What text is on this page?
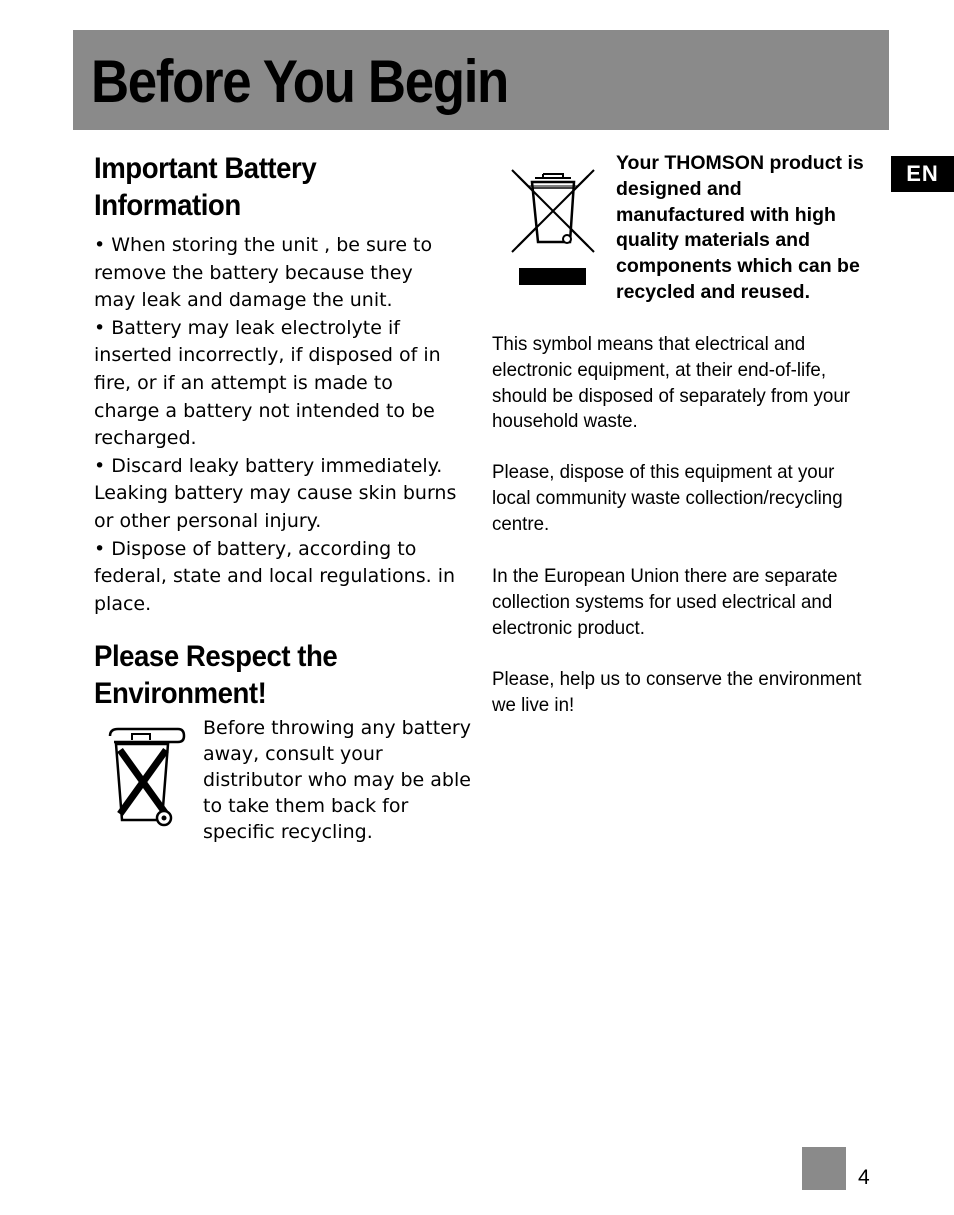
Before You Begin
EN
Important Battery
Information

• When storing the unit , be sure to remove the battery because they may leak and damage the unit.

• Battery may leak electrolyte if inserted incorrectly, if disposed of in fire, or if an attempt is made to charge a battery not intended to be recharged.

• Discard leaky battery immediately. Leaking battery may cause skin burns or other personal injury.

• Dispose of battery, according to federal, state and local regulations. in place.

Please Respect the
Environment!

Before throwing any battery away, consult your distributor who may be able to take them back for specific recycling.

Your THOMSON product is designed and manufactured with high quality materials and components which can be recycled and reused.

This symbol means that electrical and electronic equipment, at their end-of-life, should be disposed of separately from your household waste.

Please, dispose of this equipment at your local community waste collection/recycling centre.

In the European Union there are separate collection systems for used electrical and electronic product.

Please, help us to conserve the environment we live in!

4
